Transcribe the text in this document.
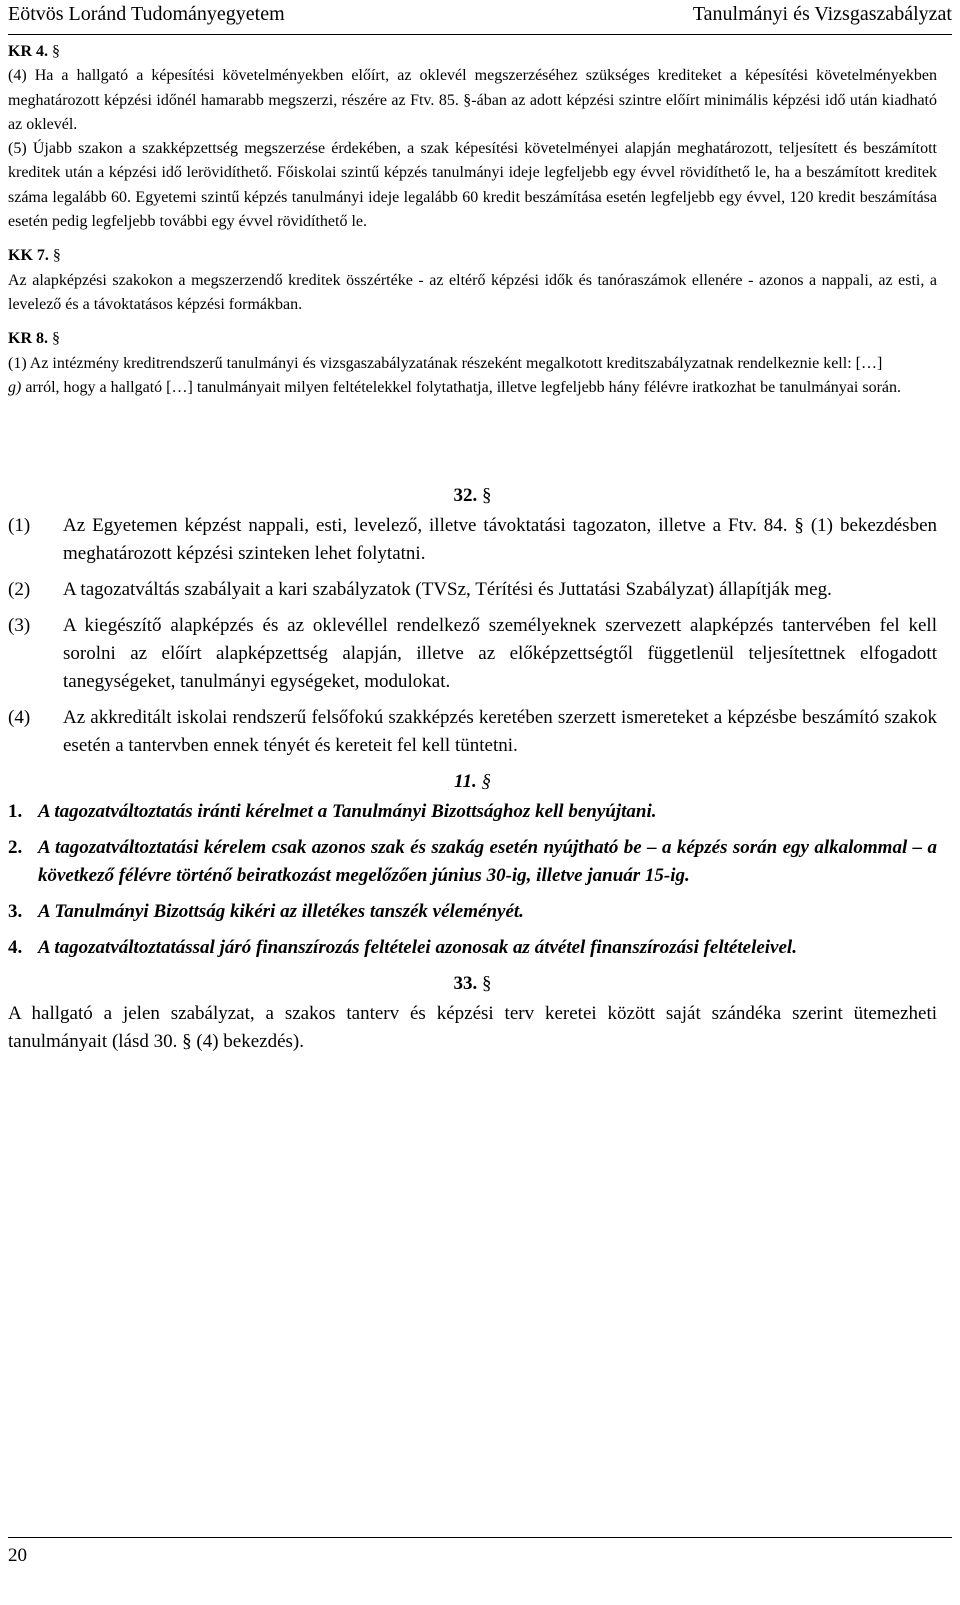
Eötvös Loránd Tudományegyetem	Tanulmányi és Vizsgaszabályzat

KR 4. §

(4) Ha a hallgató a képesítési követelményekben előírt, az oklevél megszerzéséhez szükséges krediteket a képesítési követelményekben meghatározott képzési időnél hamarabb megszerzi, részére az Ftv. 85. §-ában az adott képzési szintre előírt minimális képzési idő után kiadható az oklevél.

(5) Újabb szakon a szakképzettség megszerzése érdekében, a szak képesítési követelményei alapján meghatározott, teljesített és beszámított kreditek után a képzési idő lerövidíthető. Főiskolai szintű képzés tanulmányi ideje legfeljebb egy évvel rövidíthető le, ha a beszámított kreditek száma legalább 60. Egyetemi szintű képzés tanulmányi ideje legalább 60 kredit beszámítása esetén legfeljebb egy évvel, 120 kredit beszámítása esetén pedig legfeljebb további egy évvel rövidíthető le.

KK 7. §

Az alapképzési szakokon a megszerzendő kreditek összértéke - az eltérő képzési idők és tanóraszámok ellenére - azonos a nappali, az esti, a levelező és a távoktatásos képzési formákban.

KR 8. §

(1) Az intézmény kreditrendszerű tanulmányi és vizsgaszabályzatának részeként megalkotott kreditszabályzatnak rendelkeznie kell: […]

g) arról, hogy a hallgató […] tanulmányait milyen feltételekkel folytathatja, illetve legfeljebb hány félévre iratkozhat be tanulmányai során.

32. §
(1) Az Egyetemen képzést nappali, esti, levelező, illetve távoktatási tagozaton, illetve a Ftv. 84. § (1) bekezdésben meghatározott képzési szinteken lehet folytatni.
(2) A tagozatváltás szabályait a kari szabályzatok (TVSz, Térítési és Juttatási Szabályzat) állapítják meg.
(3) A kiegészítő alapképzés és az oklevéllel rendelkező személyeknek szervezett alapképzés tantervében fel kell sorolni az előírt alapképzettség alapján, illetve az előképzettségtől függetlenül teljesítettnek elfogadott tanegységeket, tanulmányi egységeket, modulokat.
(4) Az akkreditált iskolai rendszerű felsőfokú szakképzés keretében szerzett ismereteket a képzésbe beszámító szakok esetén a tantervben ennek tényét és kereteit fel kell tüntetni.
11. §
1. A tagozatváltoztatás iránti kérelmet a Tanulmányi Bizottsághoz kell benyújtani.
2. A tagozatváltoztatási kérelem csak azonos szak és szakág esetén nyújtható be – a képzés során egy alkalommal – a következő félévre történő beiratkozást megelőzően június 30-ig, illetve január 15-ig.
3. A Tanulmányi Bizottság kikéri az illetékes tanszék véleményét.
4. A tagozatváltoztatással járó finanszírozás feltételei azonosak az átvétel finanszírozási feltételeivel.
33. §

A hallgató a jelen szabályzat, a szakos tanterv és képzési terv keretei között saját szándéka szerint ütemezheti tanulmányait (lásd 30. § (4) bekezdés).

20
